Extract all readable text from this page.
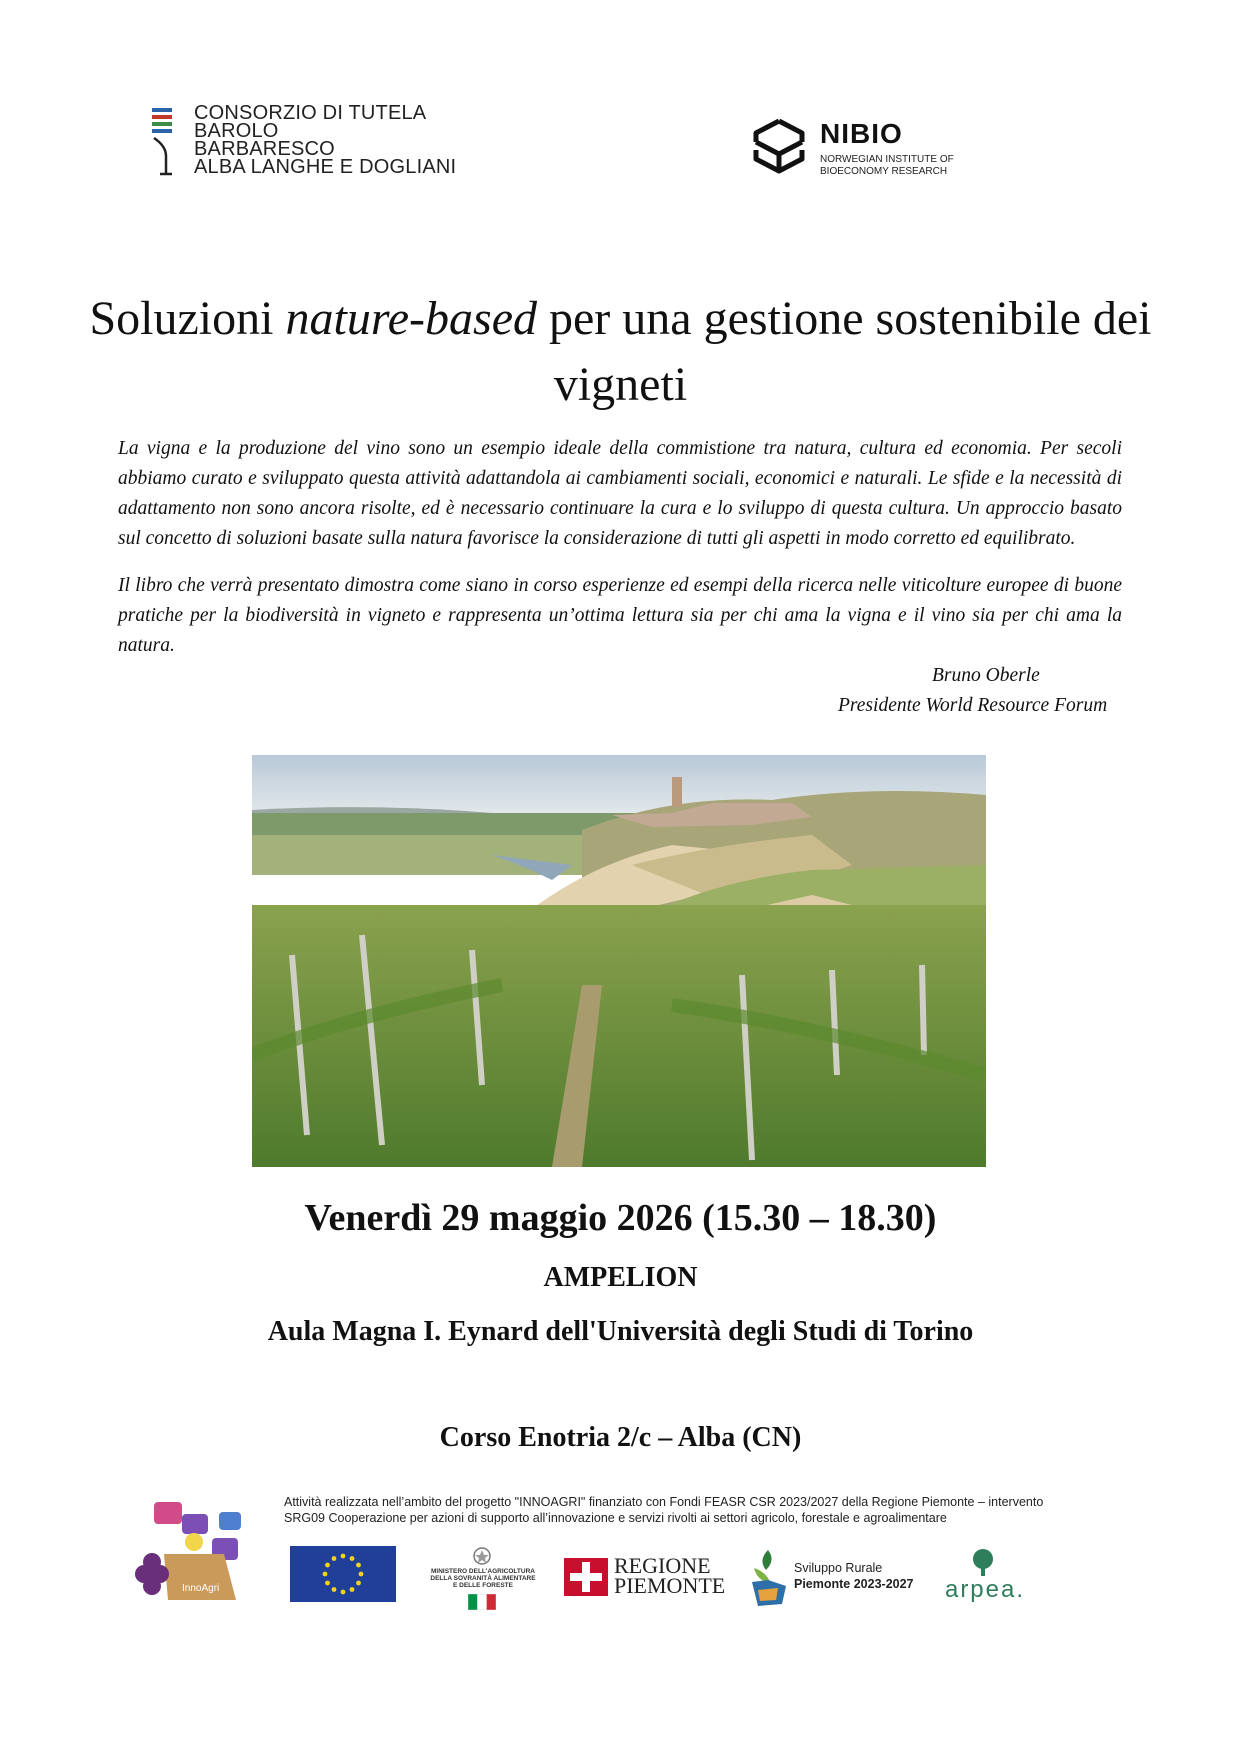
CONSORZIO DI TUTELA
BAROLO
BARBARESCO
ALBA LANGHE E DOGLIANI
NIBIO
NORWEGIAN INSTITUTE OF
BIOECONOMY RESEARCH
Soluzioni nature-based per una gestione sostenibile dei vigneti
La vigna e la produzione del vino sono un esempio ideale della commistione tra natura, cultura ed economia. Per secoli abbiamo curato e sviluppato questa attività adattandola ai cambiamenti sociali, economici e naturali. Le sfide e la necessità di adattamento non sono ancora risolte, ed è necessario continuare la cura e lo sviluppo di questa cultura. Un approccio basato sul concetto di soluzioni basate sulla natura favorisce la considerazione di tutti gli aspetti in modo corretto ed equilibrato.
Il libro che verrà presentato dimostra come siano in corso esperienze ed esempi della ricerca nelle viticolture europee di buone pratiche per la biodiversità in vigneto e rappresenta un’ottima lettura sia per chi ama la vigna e il vino sia per chi ama la natura.
Bruno Oberle
Presidente World Resource Forum
Venerdì 29 maggio 2026 (15.30 – 18.30)
AMPELION
Aula Magna I. Eynard dell'Università degli Studi di Torino
Corso Enotria 2/c – Alba (CN)
InnoAgri
Attività realizzata nell’ambito del progetto "INNOAGRI" finanziato con Fondi FEASR CSR 2023/2027 della Regione Piemonte – intervento SRG09 Cooperazione per azioni di supporto all’innovazione e servizi rivolti ai settori agricolo, forestale e agroalimentare
MINISTERO DELL'AGRICOLTURA
DELLA SOVRANITÀ ALIMENTARE
E DELLE FORESTE
REGIONE
PIEMONTE
Sviluppo Rurale
Piemonte 2023-2027 arpea.
